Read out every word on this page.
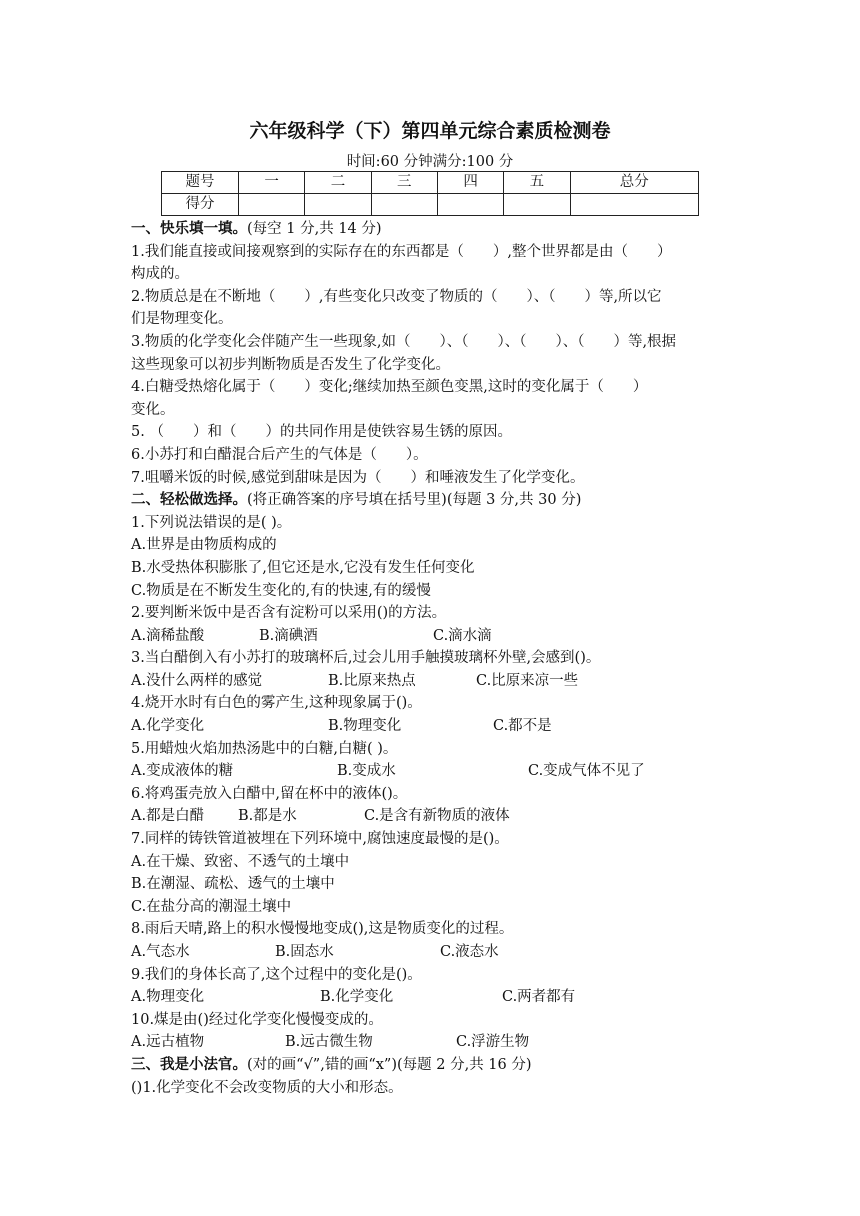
六年级科学（下）第四单元综合素质检测卷
时间:60 分钟满分:100 分
题号	一	二	三	四	五	总分
得分						
一、快乐填一填。(每空 1 分,共 14 分)
1.我们能直接或间接观察到的实际存在的东西都是（　　）,整个世界都是由（　　）
构成的。
2.物质总是在不断地（　　）,有些变化只改变了物质的（　　）、（　　）等,所以它
们是物理变化。
3.物质的化学变化会伴随产生一些现象,如（　　）、（　　）、（　　）、（　　）等,根据
这些现象可以初步判断物质是否发生了化学变化。
4.白糖受热熔化属于（　　）变化;继续加热至颜色变黑,这时的变化属于（　　）
变化。
5. （　　）和（　　）的共同作用是使铁容易生锈的原因。
6.小苏打和白醋混合后产生的气体是（　　）。
7.咀嚼米饭的时候,感觉到甜味是因为（　　）和唾液发生了化学变化。
二、轻松做选择。(将正确答案的序号填在括号里)(每题 3 分,共 30 分)
1.下列说法错误的是( )。
A.世界是由物质构成的
B.水受热体积膨胀了,但它还是水,它没有发生任何变化
C.物质是在不断发生变化的,有的快速,有的缓慢
2.要判断米饭中是否含有淀粉可以采用()的方法。
A.滴稀盐酸	B.滴碘酒	C.滴水滴
3.当白醋倒入有小苏打的玻璃杯后,过会儿用手触摸玻璃杯外壁,会感到()。
A.没什么两样的感觉	B.比原来热点	C.比原来凉一些
4.烧开水时有白色的雾产生,这种现象属于()。
A.化学变化	B.物理变化	C.都不是
5.用蜡烛火焰加热汤匙中的白糖,白糖( )。
A.变成液体的糖	B.变成水	C.变成气体不见了
6.将鸡蛋壳放入白醋中,留在杯中的液体()。
A.都是白醋 B.都是水	C.是含有新物质的液体
7.同样的铸铁管道被埋在下列环境中,腐蚀速度最慢的是()。
A.在干燥、致密、不透气的土壤中
B.在潮湿、疏松、透气的土壤中
C.在盐分高的潮湿土壤中
8.雨后天晴,路上的积水慢慢地变成(),这是物质变化的过程。
A.气态水	B.固态水	C.液态水
9.我们的身体长高了,这个过程中的变化是()。
A.物理变化	B.化学变化	C.两者都有
10.煤是由()经过化学变化慢慢变成的。
A.远古植物	B.远古微生物	C.浮游生物
三、我是小法官。(对的画“√”,错的画“x”)(每题 2 分,共 16 分)
()1.化学变化不会改变物质的大小和形态。
